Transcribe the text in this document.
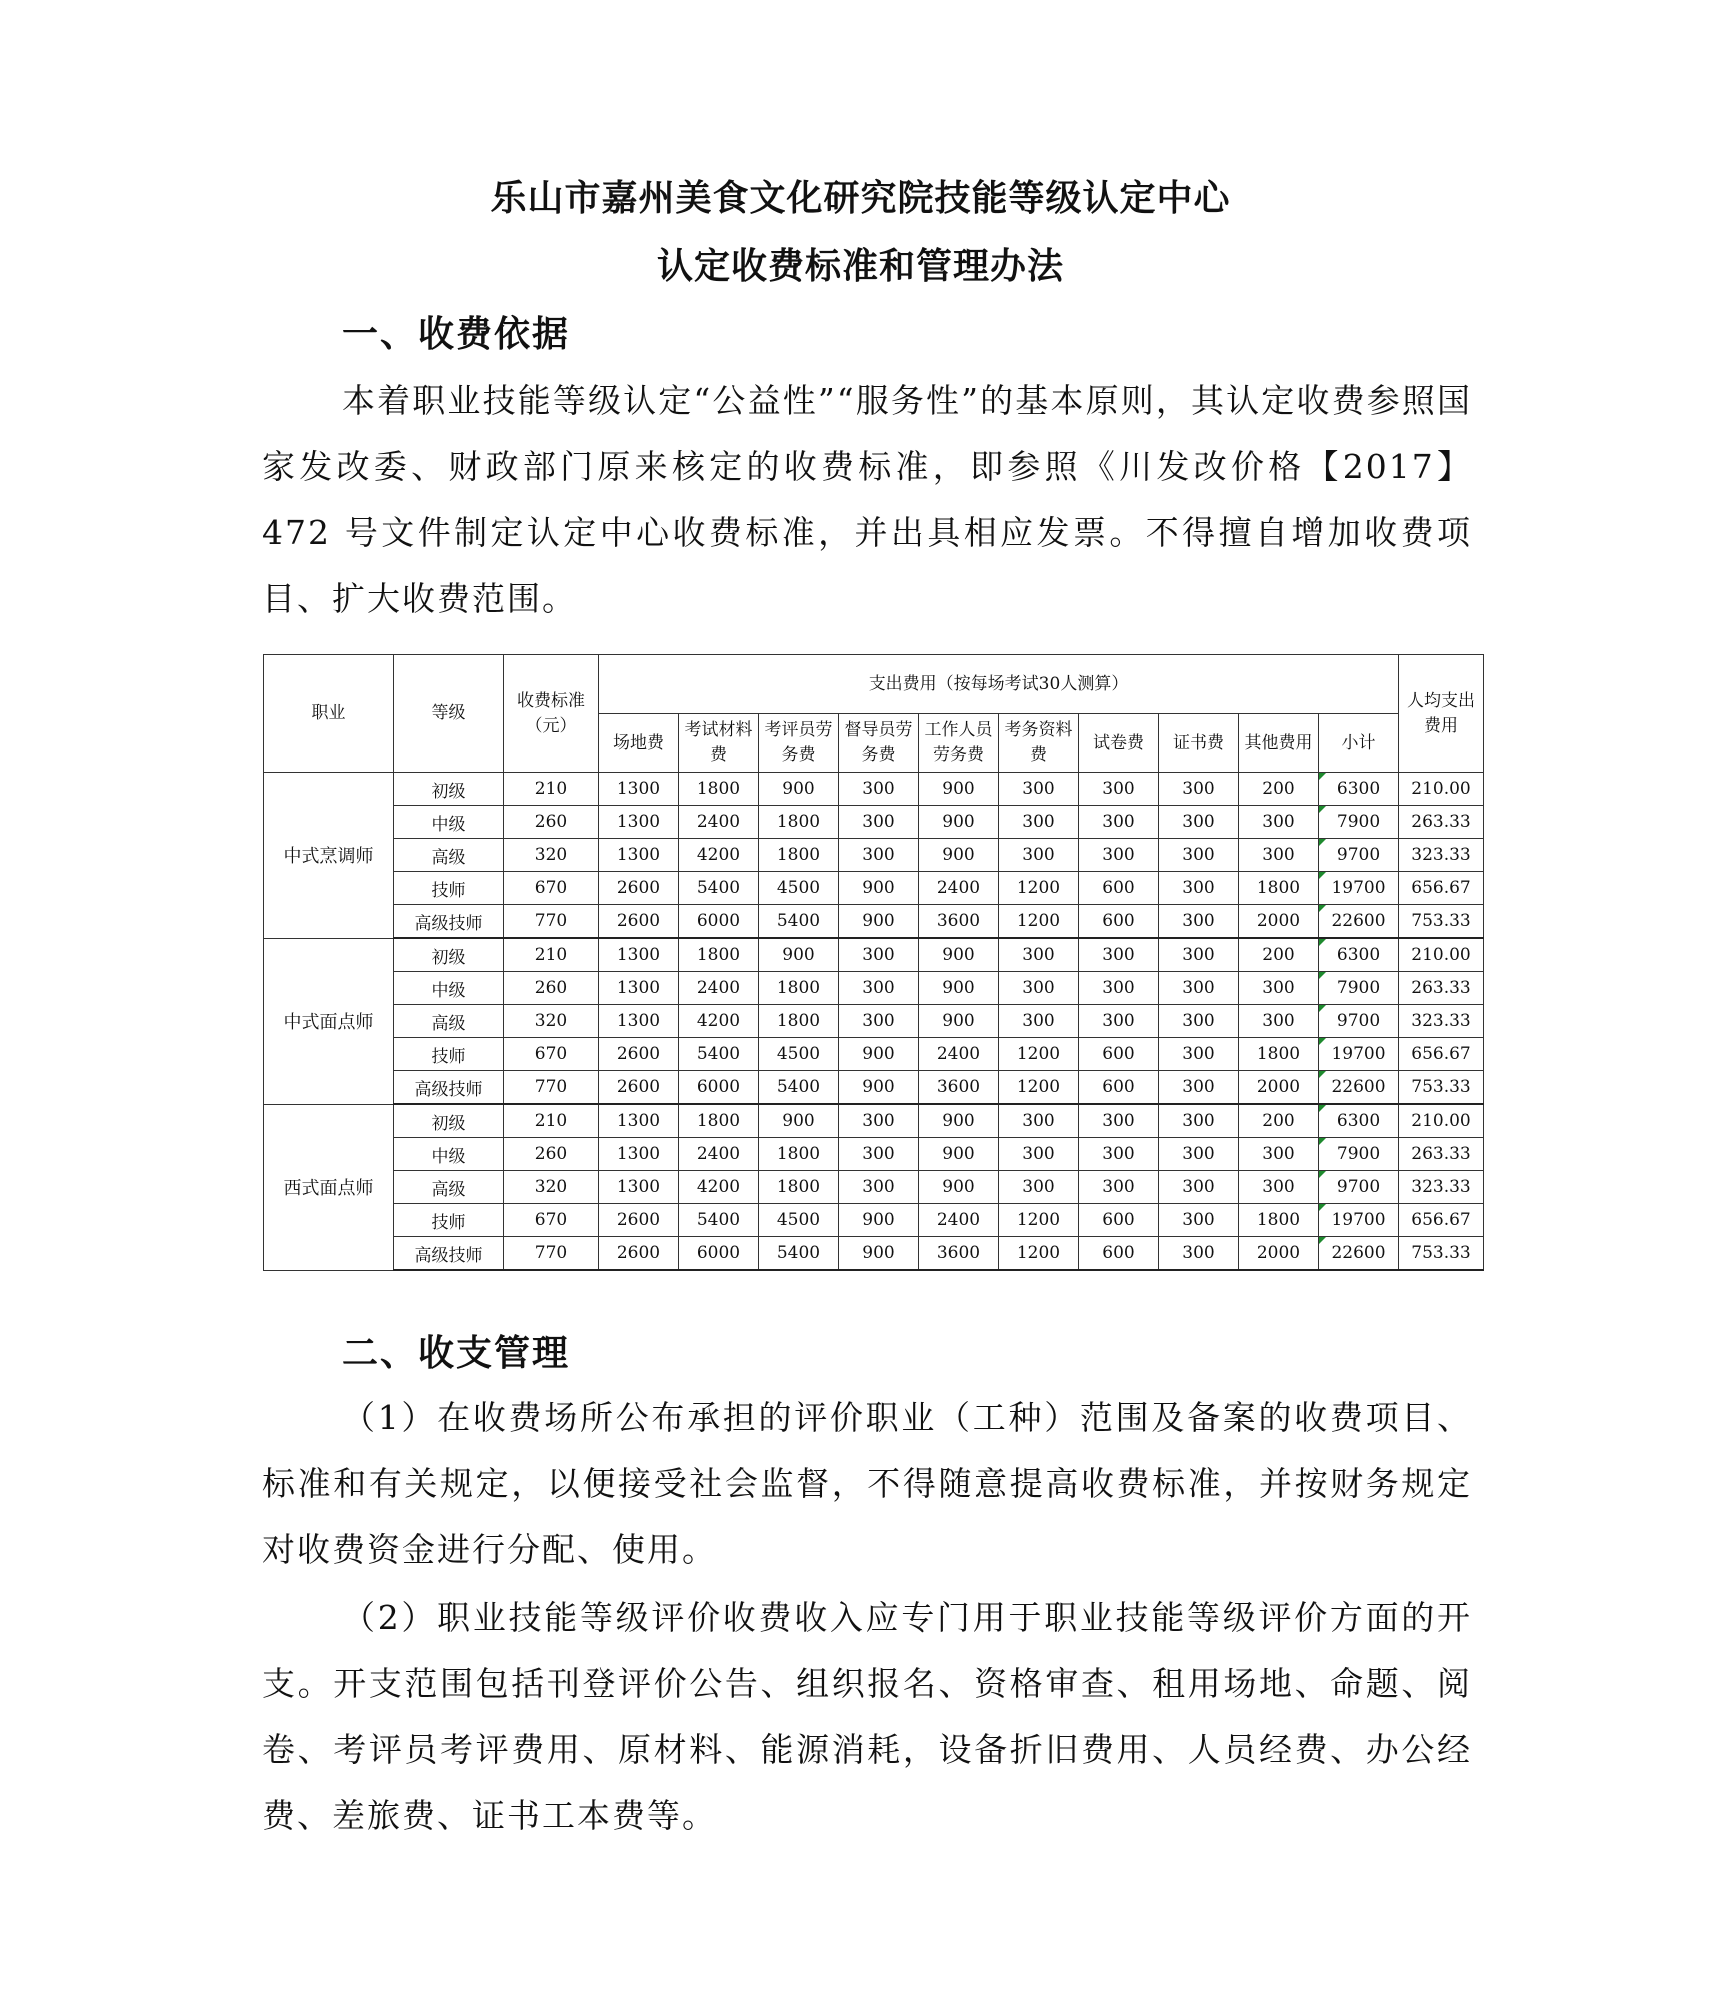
乐山市嘉州美食文化研究院技能等级认定中心
认定收费标准和管理办法
一、收费依据
本着职业技能等级认定“公益性”“服务性”的基本原则，其认定收费参照国家发改委、财政部门原来核定的收费标准，即参照《川发改价格【2017】472 号文件制定认定中心收费标准，并出具相应发票。不得擅自增加收费项目、扩大收费范围。
职业	等级	收费标准（元）	支出费用（按每场考试30人测算）										人均支出费用
			场地费	考试材料费	考评员劳务费	督导员劳务费	工作人员劳务费	考务资料费	试卷费	证书费	其他费用	小计	
中式烹调师	初级	210	1300	1800	900	300	900	300	300	300	200	6300	210.00
	中级	260	1300	2400	1800	300	900	300	300	300	300	7900	263.33
	高级	320	1300	4200	1800	300	900	300	300	300	300	9700	323.33
	技师	670	2600	5400	4500	900	2400	1200	600	300	1800	19700	656.67
	高级技师	770	2600	6000	5400	900	3600	1200	600	300	2000	22600	753.33
中式面点师	初级	210	1300	1800	900	300	900	300	300	300	200	6300	210.00
	中级	260	1300	2400	1800	300	900	300	300	300	300	7900	263.33
	高级	320	1300	4200	1800	300	900	300	300	300	300	9700	323.33
	技师	670	2600	5400	4500	900	2400	1200	600	300	1800	19700	656.67
	高级技师	770	2600	6000	5400	900	3600	1200	600	300	2000	22600	753.33
西式面点师	初级	210	1300	1800	900	300	900	300	300	300	200	6300	210.00
	中级	260	1300	2400	1800	300	900	300	300	300	300	7900	263.33
	高级	320	1300	4200	1800	300	900	300	300	300	300	9700	323.33
	技师	670	2600	5400	4500	900	2400	1200	600	300	1800	19700	656.67
	高级技师	770	2600	6000	5400	900	3600	1200	600	300	2000	22600	753.33
二、收支管理
（1）在收费场所公布承担的评价职业（工种）范围及备案的收费项目、标准和有关规定，以便接受社会监督，不得随意提高收费标准，并按财务规定对收费资金进行分配、使用。
（2）职业技能等级评价收费收入应专门用于职业技能等级评价方面的开支。开支范围包括刊登评价公告、组织报名、资格审查、租用场地、命题、阅卷、考评员考评费用、原材料、能源消耗，设备折旧费用、人员经费、办公经费、差旅费、证书工本费等。
